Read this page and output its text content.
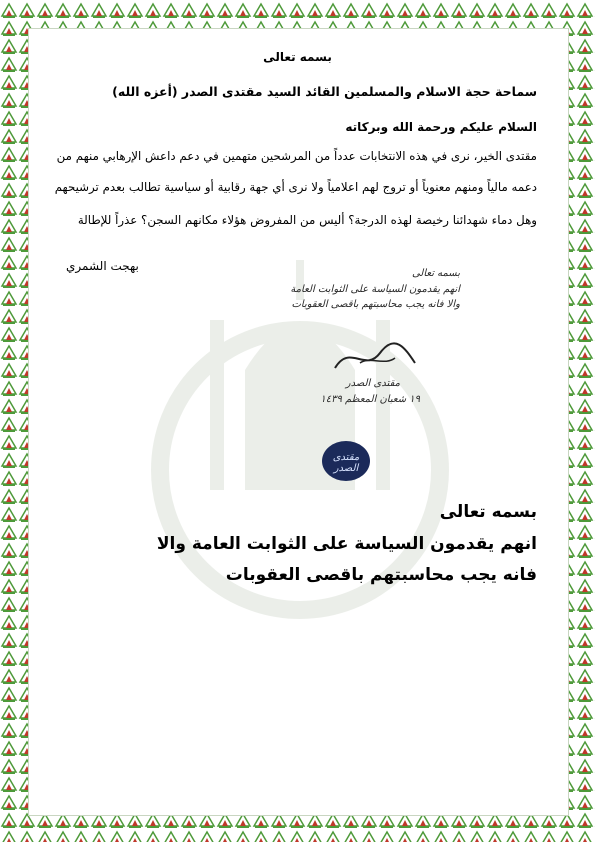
بسمه تعالى
سماحة حجة الاسلام والمسلمين القائد السيد مقتدى الصدر (أعزه الله)
السلام عليكم ورحمة الله وبركاته
مقتدى الخير، نرى في هذه الانتخابات عدداً من المرشحين متهمين في دعم داعش الإرهابي منهم من
دعمه مالياً ومنهم معنوياً أو تروج لهم اعلامياً ولا نرى أي جهة رقابية أو سياسية تطالب بعدم ترشيحهم
وهل دماء شهدائنا رخيصة لهذه الدرجة؟ أليس من المفروض هؤلاء مكانهم السجن؟ عذراً للإطالة
بهجت الشمري
بسمه تعالى
انهم يقدمون السياسة على الثوابت العامة
والا فانه يجب محاسبتهم باقصى العقوبات
مقتدى الصدر
١٩ شعبان المعظم ١٤٣٩
مقتدى الصدر
بسمه تعالى
انهم يقدمون السياسة على الثوابت العامة والا
فانه يجب محاسبتهم باقصى العقوبات
